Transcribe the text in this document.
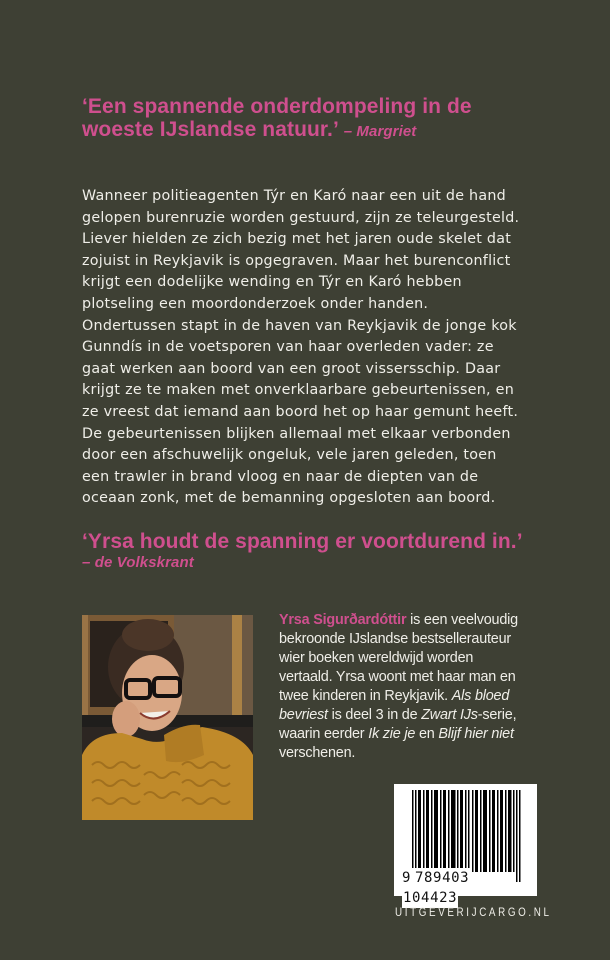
‘Een spannende onderdompeling in de
woeste IJslandse natuur.’ – Margriet

Wanneer politieagenten Týr en Karó naar een uit de hand
gelopen burenruzie worden gestuurd, zijn ze teleurgesteld.
Liever hielden ze zich bezig met het jaren oude skelet dat
zojuist in Reykjavik is opgegraven. Maar het burenconflict
krijgt een dodelijke wending en Týr en Karó hebben
plotseling een moordonderzoek onder handen.
Ondertussen stapt in de haven van Reykjavik de jonge kok
Gunndís in de voetsporen van haar overleden vader: ze
gaat werken aan boord van een groot vissersschip. Daar
krijgt ze te maken met onverklaarbare gebeurtenissen, en
ze vreest dat iemand aan boord het op haar gemunt heeft.
De gebeurtenissen blijken allemaal met elkaar verbonden
door een afschuwelijk ongeluk, vele jaren geleden, toen
een trawler in brand vloog en naar de diepten van de
oceaan zonk, met de bemanning opgesloten aan boord.

‘Yrsa houdt de spanning er voortdurend in.’
– de Volkskrant

Yrsa Sigurðardóttir is een veelvoudig
bekroonde IJslandse bestsellerauteur
wier boeken wereldwijd worden
vertaald. Yrsa woont met haar man en
twee kinderen in Reykjavik. Als bloed
bevriest is deel 3 in de Zwart IJs-serie,
waarin eerder Ik zie je en Blijf hier niet
verschenen.
9 789403 104423
UITGEVERIJCARGO.NL
